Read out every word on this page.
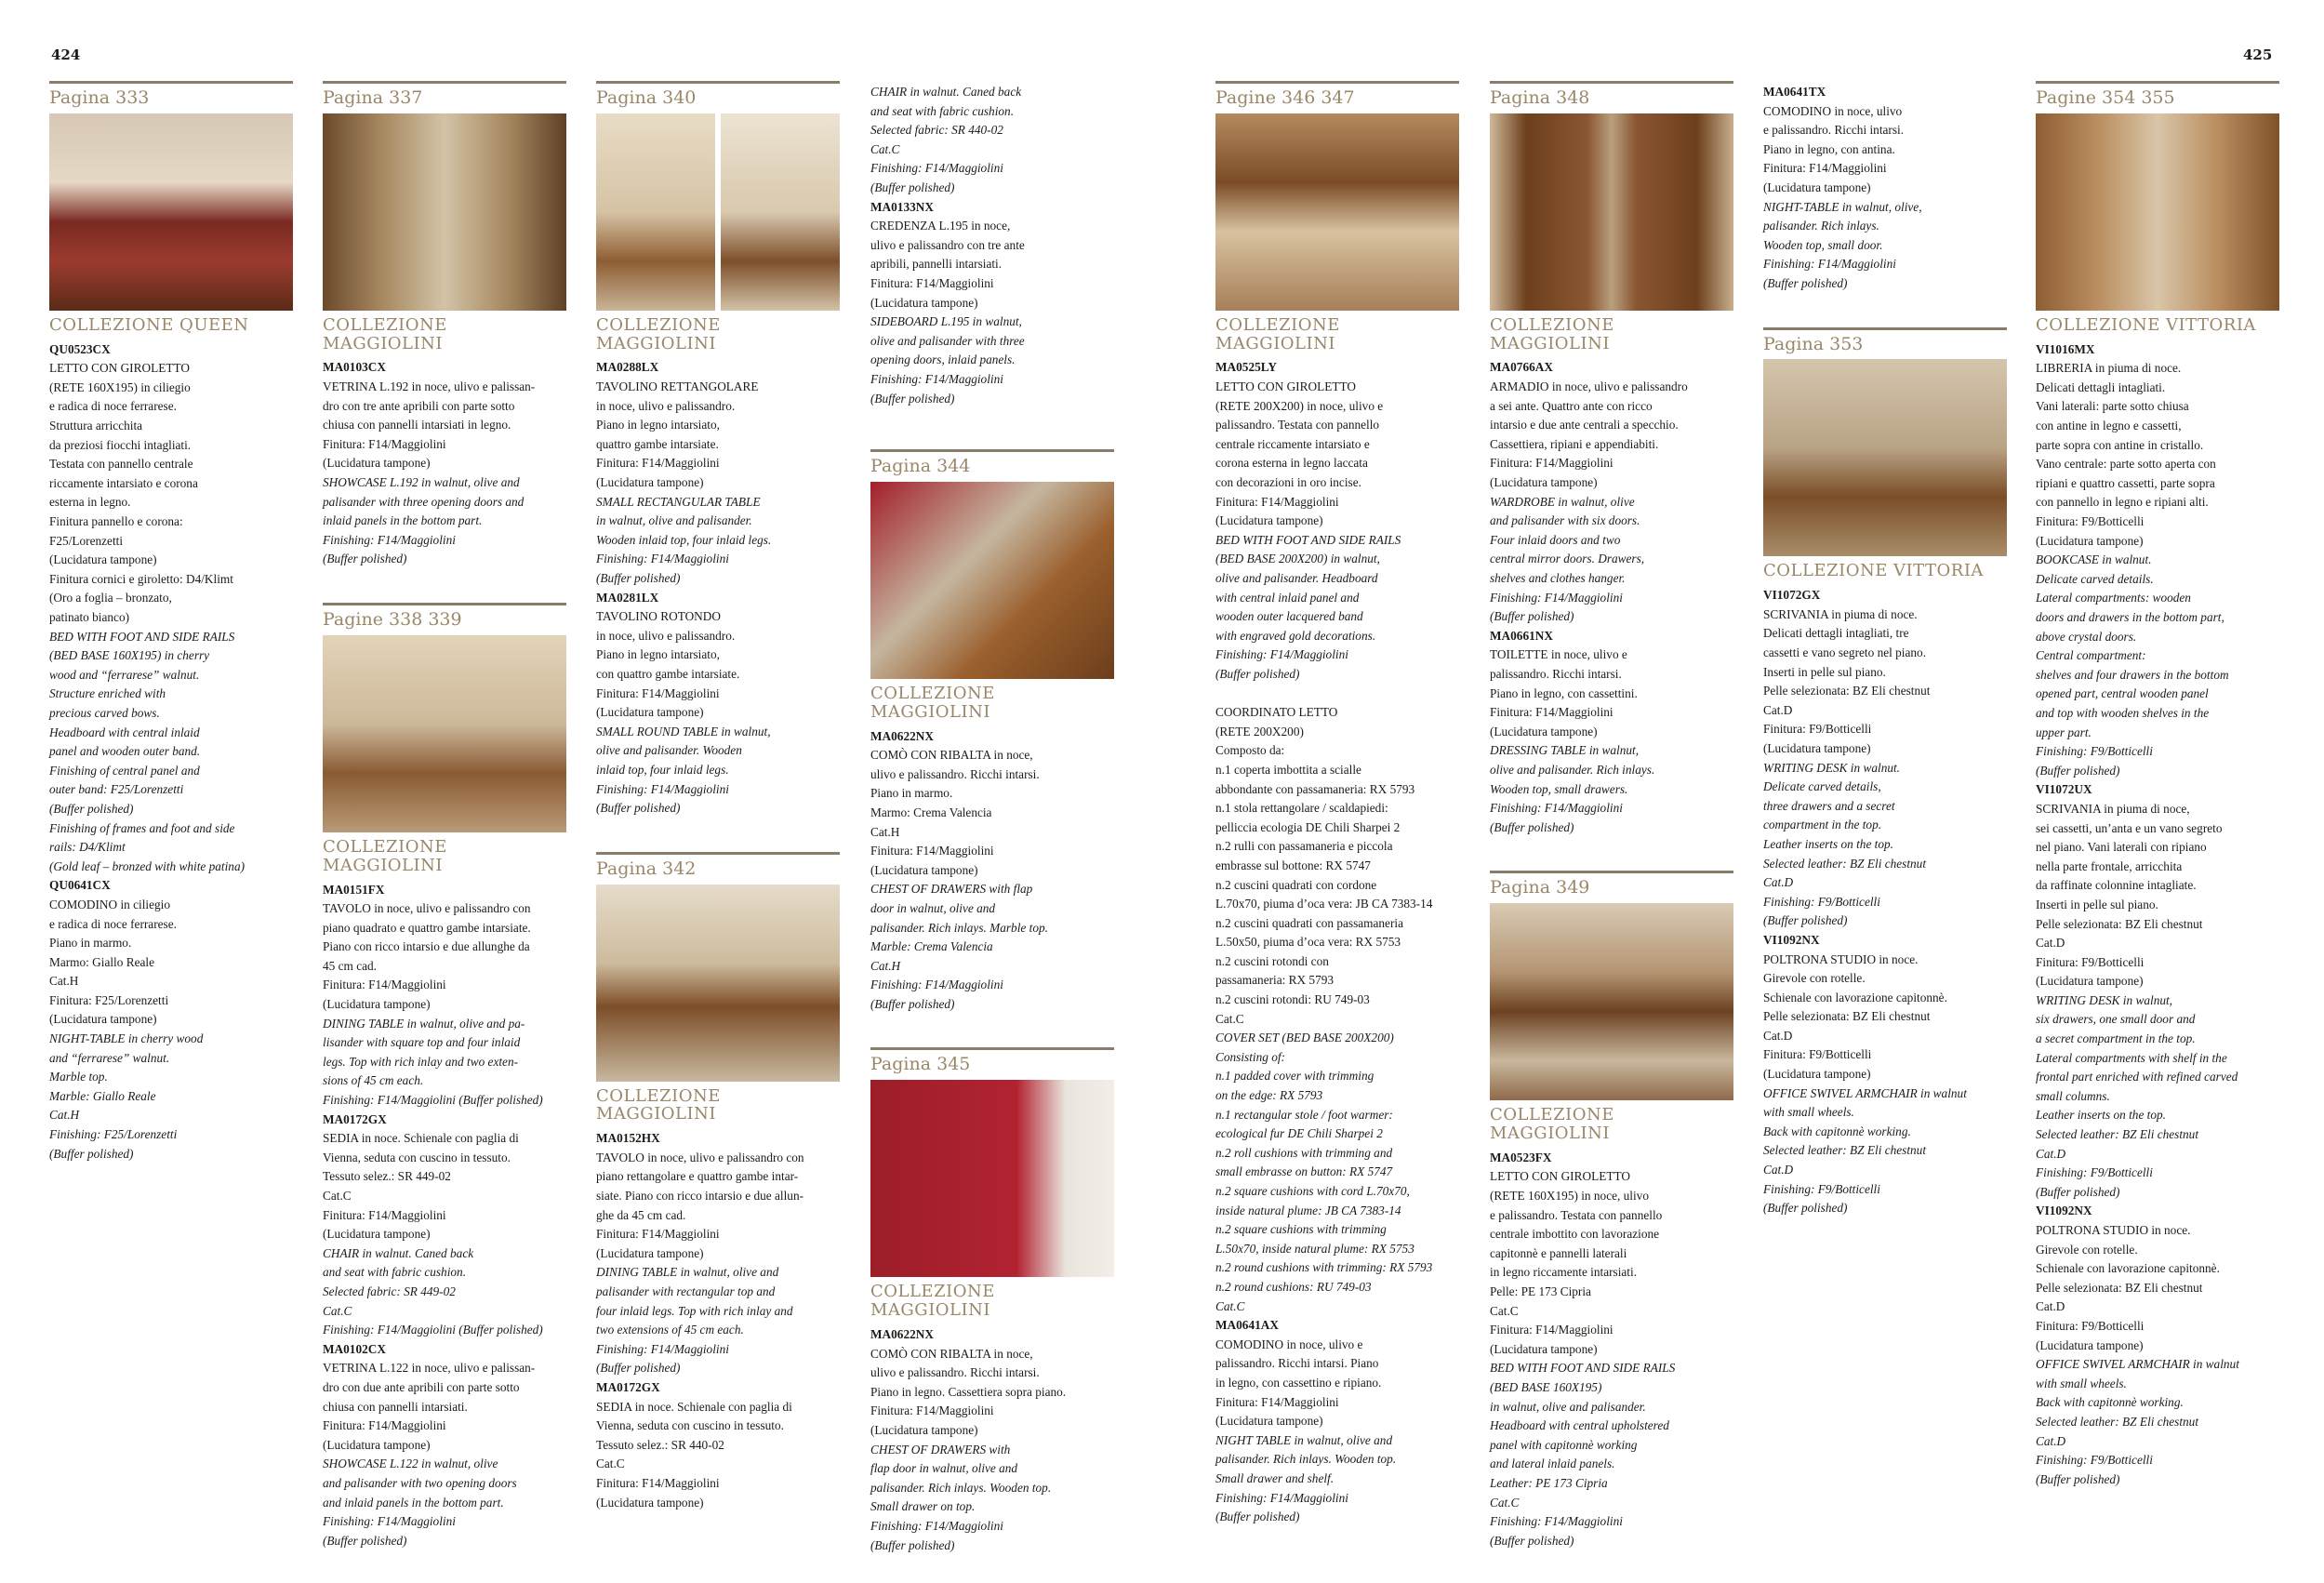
424	425
Pagina 333
COLLEZIONE QUEEN

QU0523CX

LETTO CON GIROLETTO

(RETE 160X195) in ciliegio

e radica di noce ferrarese.

Struttura arricchita

da preziosi fiocchi intagliati.

Testata con pannello centrale

riccamente intarsiato e corona

esterna in legno.

Finitura pannello e corona:

F25/Lorenzetti

(Lucidatura tampone)

Finitura cornici e giroletto: D4/Klimt

(Oro a foglia – bronzato,

patinato bianco)

BED WITH FOOT AND SIDE RAILS

(BED BASE 160X195) in cherry

wood and “ferrarese” walnut.

Structure enriched with

precious carved bows.

Headboard with central inlaid

panel and wooden outer band.

Finishing of central panel and

outer band: F25/Lorenzetti

(Buffer polished)

Finishing of frames and foot and side

rails: D4/Klimt

(Gold leaf – bronzed with white patina)

QU0641CX

COMODINO in ciliegio

e radica di noce ferrarese.

Piano in marmo.

Marmo: Giallo Reale

Cat.H

Finitura: F25/Lorenzetti

(Lucidatura tampone)

NIGHT-TABLE in cherry wood

and “ferrarese” walnut.

Marble top.

Marble: Giallo Reale

Cat.H

Finishing: F25/Lorenzetti

(Buffer polished)

Pagina 337
COLLEZIONE MAGGIOLINI

MA0103CX

VETRINA L.192 in noce, ulivo e palissan-

dro con tre ante apribili con parte sotto

chiusa con pannelli intarsiati in legno.

Finitura: F14/Maggiolini

(Lucidatura tampone)

SHOWCASE L.192 in walnut, olive and

palisander with three opening doors and

inlaid panels in the bottom part.

Finishing: F14/Maggiolini

(Buffer polished)

Pagine 338 339
COLLEZIONE MAGGIOLINI

MA0151FX

TAVOLO in noce, ulivo e palissandro con

piano quadrato e quattro gambe intarsiate.

Piano con ricco intarsio e due allunghe da

45 cm cad.

Finitura: F14/Maggiolini

(Lucidatura tampone)

DINING TABLE in walnut, olive and pa-

lisander with square top and four inlaid

legs. Top with rich inlay and two exten-

sions of 45 cm each.

Finishing: F14/Maggiolini (Buffer polished)

MA0172GX

SEDIA in noce. Schienale con paglia di

Vienna, seduta con cuscino in tessuto.

Tessuto selez.: SR 449-02

Cat.C

Finitura: F14/Maggiolini

(Lucidatura tampone)

CHAIR in walnut. Caned back

and seat with fabric cushion.

Selected fabric: SR 449-02

Cat.C

Finishing: F14/Maggiolini (Buffer polished)

MA0102CX

VETRINA L.122 in noce, ulivo e palissan-

dro con due ante apribili con parte sotto

chiusa con pannelli intarsiati.

Finitura: F14/Maggiolini

(Lucidatura tampone)

SHOWCASE L.122 in walnut, olive

and palisander with two opening doors

and inlaid panels in the bottom part.

Finishing: F14/Maggiolini

(Buffer polished)

Pagina 340
COLLEZIONE MAGGIOLINI

MA0288LX

TAVOLINO RETTANGOLARE

in noce, ulivo e palissandro.

Piano in legno intarsiato,

quattro gambe intarsiate.

Finitura: F14/Maggiolini

(Lucidatura tampone)

SMALL RECTANGULAR TABLE

in walnut, olive and palisander.

Wooden inlaid top, four inlaid legs.

Finishing: F14/Maggiolini

(Buffer polished)

MA0281LX

TAVOLINO ROTONDO

in noce, ulivo e palissandro.

Piano in legno intarsiato,

con quattro gambe intarsiate.

Finitura: F14/Maggiolini

(Lucidatura tampone)

SMALL ROUND TABLE in walnut,

olive and palisander. Wooden

inlaid top, four inlaid legs.

Finishing: F14/Maggiolini

(Buffer polished)

Pagina 342
COLLEZIONE MAGGIOLINI

MA0152HX

TAVOLO in noce, ulivo e palissandro con

piano rettangolare e quattro gambe intar-

siate. Piano con ricco intarsio e due allun-

ghe da 45 cm cad.

Finitura: F14/Maggiolini

(Lucidatura tampone)

DINING TABLE in walnut, olive and

palisander with rectangular top and

four inlaid legs. Top with rich inlay and

two extensions of 45 cm each.

Finishing: F14/Maggiolini

(Buffer polished)

MA0172GX

SEDIA in noce. Schienale con paglia di

Vienna, seduta con cuscino in tessuto.

Tessuto selez.: SR 440-02

Cat.C

Finitura: F14/Maggiolini

(Lucidatura tampone)

CHAIR in walnut. Caned back

and seat with fabric cushion.

Selected fabric: SR 440-02

Cat.C

Finishing: F14/Maggiolini

(Buffer polished)

MA0133NX

CREDENZA L.195 in noce,

ulivo e palissandro con tre ante

apribili, pannelli intarsiati.

Finitura: F14/Maggiolini

(Lucidatura tampone)

SIDEBOARD L.195 in walnut,

olive and palisander with three

opening doors, inlaid panels.

Finishing: F14/Maggiolini

(Buffer polished)

Pagina 344
COLLEZIONE MAGGIOLINI

MA0622NX

COMÒ CON RIBALTA in noce,

ulivo e palissandro. Ricchi intarsi.

Piano in marmo.

Marmo: Crema Valencia

Cat.H

Finitura: F14/Maggiolini

(Lucidatura tampone)

CHEST OF DRAWERS with flap

door in walnut, olive and

palisander. Rich inlays. Marble top.

Marble: Crema Valencia

Cat.H

Finishing: F14/Maggiolini

(Buffer polished)

Pagina 345
COLLEZIONE MAGGIOLINI

MA0622NX

COMÒ CON RIBALTA in noce,

ulivo e palissandro. Ricchi intarsi.

Piano in legno. Cassettiera sopra piano.

Finitura: F14/Maggiolini

(Lucidatura tampone)

CHEST OF DRAWERS with

flap door in walnut, olive and

palisander. Rich inlays. Wooden top.

Small drawer on top.

Finishing: F14/Maggiolini

(Buffer polished)

Pagine 346 347
COLLEZIONE MAGGIOLINI

MA0525LY

LETTO CON GIROLETTO

(RETE 200X200) in noce, ulivo e

palissandro. Testata con pannello

centrale riccamente intarsiato e

corona esterna in legno laccata

con decorazioni in oro incise.

Finitura: F14/Maggiolini

(Lucidatura tampone)

BED WITH FOOT AND SIDE RAILS

(BED BASE 200X200) in walnut,

olive and palisander. Headboard

with central inlaid panel and

wooden outer lacquered band

with engraved gold decorations.

Finishing: F14/Maggiolini

(Buffer polished)

COORDINATO LETTO

(RETE 200X200)

Composto da:

n.1 coperta imbottita a scialle

abbondante con passamaneria: RX 5793

n.1 stola rettangolare / scaldapiedi:

pelliccia ecologia DE Chili Sharpei 2

n.2 rulli con passamaneria e piccola

embrasse sul bottone: RX 5747

n.2 cuscini quadrati con cordone

L.70x70, piuma d’oca vera: JB CA 7383-14

n.2 cuscini quadrati con passamaneria

L.50x50, piuma d’oca vera: RX 5753

n.2 cuscini rotondi con

passamaneria: RX 5793

n.2 cuscini rotondi: RU 749-03

Cat.C

COVER SET (BED BASE 200X200)

Consisting of:

n.1 padded cover with trimming

on the edge: RX 5793

n.1 rectangular stole / foot warmer:

ecological fur DE Chili Sharpei 2

n.2 roll cushions with trimming and

small embrasse on button: RX 5747

n.2 square cushions with cord L.70x70,

inside natural plume: JB CA 7383-14

n.2 square cushions with trimming

L.50x70, inside natural plume: RX 5753

n.2 round cushions with trimming: RX 5793

n.2 round cushions: RU 749-03

Cat.C

MA0641AX

COMODINO in noce, ulivo e

palissandro. Ricchi intarsi. Piano

in legno, con cassettino e ripiano.

Finitura: F14/Maggiolini

(Lucidatura tampone)

NIGHT TABLE in walnut, olive and

palisander. Rich inlays. Wooden top.

Small drawer and shelf.

Finishing: F14/Maggiolini

(Buffer polished)

Pagina 348
COLLEZIONE MAGGIOLINI

MA0766AX

ARMADIO in noce, ulivo e palissandro

a sei ante. Quattro ante con ricco

intarsio e due ante centrali a specchio.

Cassettiera, ripiani e appendiabiti.

Finitura: F14/Maggiolini

(Lucidatura tampone)

WARDROBE in walnut, olive

and palisander with six doors.

Four inlaid doors and two

central mirror doors. Drawers,

shelves and clothes hanger.

Finishing: F14/Maggiolini

(Buffer polished)

MA0661NX

TOILETTE in noce, ulivo e

palissandro. Ricchi intarsi.

Piano in legno, con cassettini.

Finitura: F14/Maggiolini

(Lucidatura tampone)

DRESSING TABLE in walnut,

olive and palisander. Rich inlays.

Wooden top, small drawers.

Finishing: F14/Maggiolini

(Buffer polished)

Pagina 349
COLLEZIONE MAGGIOLINI

MA0523FX

LETTO CON GIROLETTO

(RETE 160X195) in noce, ulivo

e palissandro. Testata con pannello

centrale imbottito con lavorazione

capitonnè e pannelli laterali

in legno riccamente intarsiati.

Pelle: PE 173 Cipria

Cat.C

Finitura: F14/Maggiolini

(Lucidatura tampone)

BED WITH FOOT AND SIDE RAILS

(BED BASE 160X195)

in walnut, olive and palisander.

Headboard with central upholstered

panel with capitonnè working

and lateral inlaid panels.

Leather: PE 173 Cipria

Cat.C

Finishing: F14/Maggiolini

(Buffer polished)

MA0641TX

COMODINO in noce, ulivo

e palissandro. Ricchi intarsi.

Piano in legno, con antina.

Finitura: F14/Maggiolini

(Lucidatura tampone)

NIGHT-TABLE in walnut, olive,

palisander. Rich inlays.

Wooden top, small door.

Finishing: F14/Maggiolini

(Buffer polished)

Pagina 353
COLLEZIONE VITTORIA

VI1072GX

SCRIVANIA in piuma di noce.

Delicati dettagli intagliati, tre

cassetti e vano segreto nel piano.

Inserti in pelle sul piano.

Pelle selezionata: BZ Eli chestnut

Cat.D

Finitura: F9/Botticelli

(Lucidatura tampone)

WRITING DESK in walnut.

Delicate carved details,

three drawers and a secret

compartment in the top.

Leather inserts on the top.

Selected leather: BZ Eli chestnut

Cat.D

Finishing: F9/Botticelli

(Buffer polished)

VI1092NX

POLTRONA STUDIO in noce.

Girevole con rotelle.

Schienale con lavorazione capitonnè.

Pelle selezionata: BZ Eli chestnut

Cat.D

Finitura: F9/Botticelli

(Lucidatura tampone)

OFFICE SWIVEL ARMCHAIR in walnut

with small wheels.

Back with capitonnè working.

Selected leather: BZ Eli chestnut

Cat.D

Finishing: F9/Botticelli

(Buffer polished)

Pagine 354 355
COLLEZIONE VITTORIA

VI1016MX

LIBRERIA in piuma di noce.

Delicati dettagli intagliati.

Vani laterali: parte sotto chiusa

con antine in legno e cassetti,

parte sopra con antine in cristallo.

Vano centrale: parte sotto aperta con

ripiani e quattro cassetti, parte sopra

con pannello in legno e ripiani alti.

Finitura: F9/Botticelli

(Lucidatura tampone)

BOOKCASE in walnut.

Delicate carved details.

Lateral compartments: wooden

doors and drawers in the bottom part,

above crystal doors.

Central compartment:

shelves and four drawers in the bottom

opened part, central wooden panel

and top with wooden shelves in the

upper part.

Finishing: F9/Botticelli

(Buffer polished)

VI1072UX

SCRIVANIA in piuma di noce,

sei cassetti, un’anta e un vano segreto

nel piano. Vani laterali con ripiano

nella parte frontale, arricchita

da raffinate colonnine intagliate.

Inserti in pelle sul piano.

Pelle selezionata: BZ Eli chestnut

Cat.D

Finitura: F9/Botticelli

(Lucidatura tampone)

WRITING DESK in walnut,

six drawers, one small door and

a secret compartment in the top.

Lateral compartments with shelf in the

frontal part enriched with refined carved

small columns.

Leather inserts on the top.

Selected leather: BZ Eli chestnut

Cat.D

Finishing: F9/Botticelli

(Buffer polished)

VI1092NX

POLTRONA STUDIO in noce.

Girevole con rotelle.

Schienale con lavorazione capitonnè.

Pelle selezionata: BZ Eli chestnut

Cat.D

Finitura: F9/Botticelli

(Lucidatura tampone)

OFFICE SWIVEL ARMCHAIR in walnut

with small wheels.

Back with capitonnè working.

Selected leather: BZ Eli chestnut

Cat.D

Finishing: F9/Botticelli

(Buffer polished)
